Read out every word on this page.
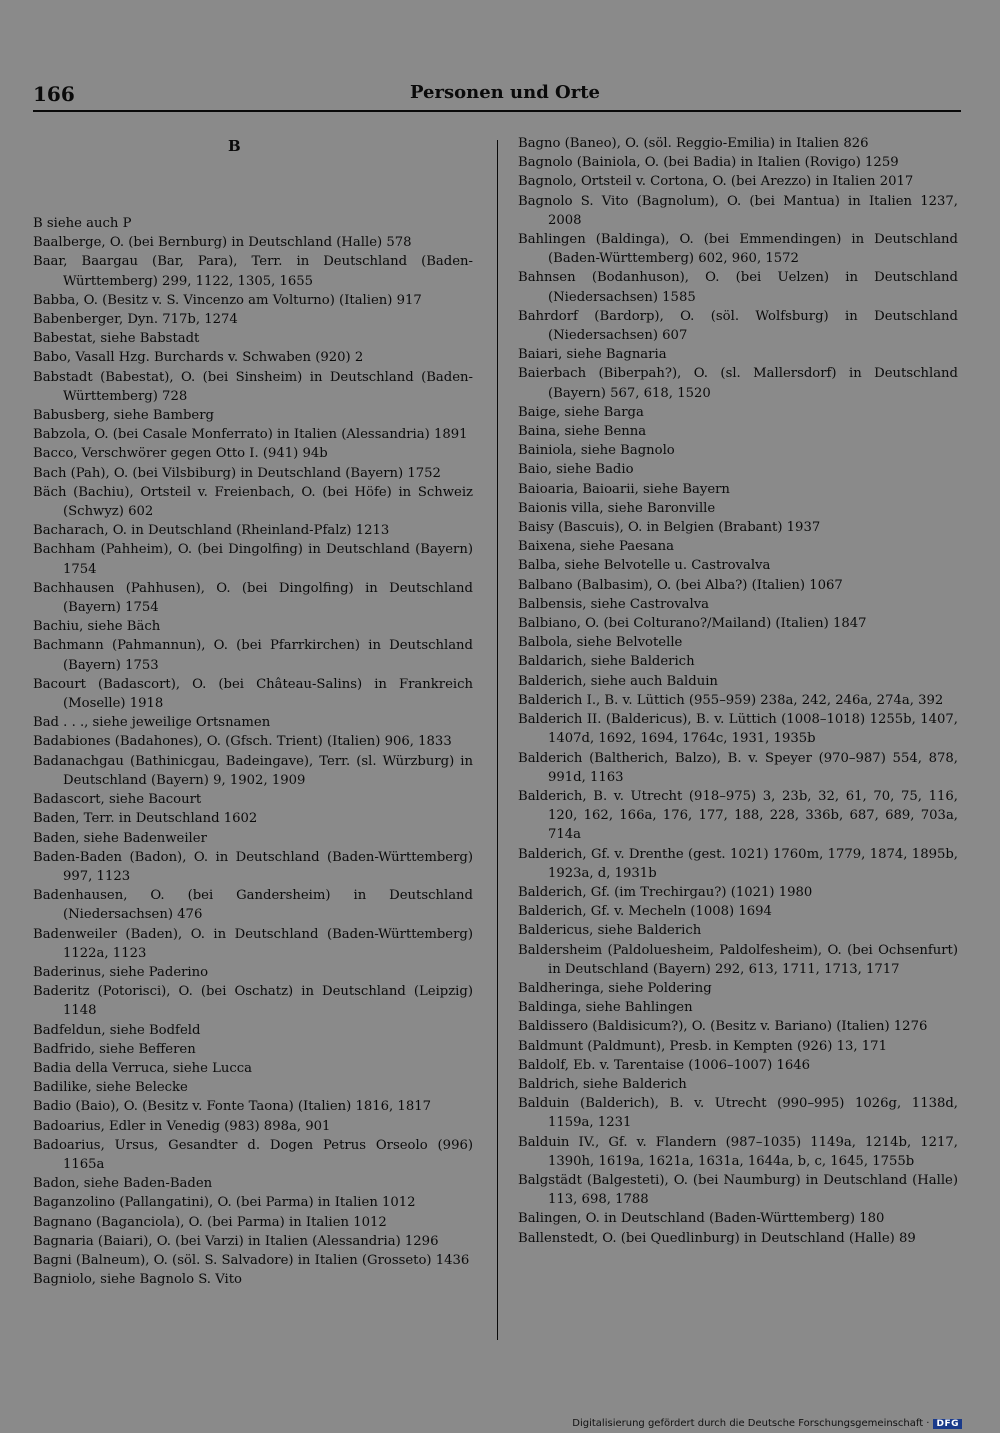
166	Personen und Orte
B
B siehe auch P
Baalberge, O. (bei Bernburg) in Deutschland (Halle) 578
Baar, Baargau (Bar, Para), Terr. in Deutschland (Baden-Württemberg) 299, 1122, 1305, 1655
Babba, O. (Besitz v. S. Vincenzo am Volturno) (Italien) 917
Babenberger, Dyn. 717b, 1274
Babestat, siehe Babstadt
Babo, Vasall Hzg. Burchards v. Schwaben (920) 2
Babstadt (Babestat), O. (bei Sinsheim) in Deutschland (Baden-Württemberg) 728
Babusberg, siehe Bamberg
Babzola, O. (bei Casale Monferrato) in Italien (Alessandria) 1891
Bacco, Verschwörer gegen Otto I. (941) 94b
Bach (Pah), O. (bei Vilsbiburg) in Deutschland (Bayern) 1752
Bäch (Bachiu), Ortsteil v. Freienbach, O. (bei Höfe) in Schweiz (Schwyz) 602
Bacharach, O. in Deutschland (Rheinland-Pfalz) 1213
Bachham (Pahheim), O. (bei Dingolfing) in Deutschland (Bayern) 1754
Bachhausen (Pahhusen), O. (bei Dingolfing) in Deutschland (Bayern) 1754
Bachiu, siehe Bäch
Bachmann (Pahmannun), O. (bei Pfarrkirchen) in Deutschland (Bayern) 1753
Bacourt (Badascort), O. (bei Château-Salins) in Frankreich (Moselle) 1918
Bad . . ., siehe jeweilige Ortsnamen
Badabiones (Badahones), O. (Gfsch. Trient) (Italien) 906, 1833
Badanachgau (Bathinicgau, Badeingave), Terr. (sl. Würzburg) in Deutschland (Bayern) 9, 1902, 1909
Badascort, siehe Bacourt
Baden, Terr. in Deutschland 1602
Baden, siehe Badenweiler
Baden-Baden (Badon), O. in Deutschland (Baden-Württemberg) 997, 1123
Badenhausen, O. (bei Gandersheim) in Deutschland (Niedersachsen) 476
Badenweiler (Baden), O. in Deutschland (Baden-Württemberg) 1122a, 1123
Baderinus, siehe Paderino
Baderitz (Potorisci), O. (bei Oschatz) in Deutschland (Leipzig) 1148
Badfeldun, siehe Bodfeld
Badfrido, siehe Befferen
Badia della Verruca, siehe Lucca
Badilike, siehe Belecke
Badio (Baio), O. (Besitz v. Fonte Taona) (Italien) 1816, 1817
Badoarius, Edler in Venedig (983) 898a, 901
Badoarius, Ursus, Gesandter d. Dogen Petrus Orseolo (996) 1165a
Badon, siehe Baden-Baden
Baganzolino (Pallangatini), O. (bei Parma) in Italien 1012
Bagnano (Baganciola), O. (bei Parma) in Italien 1012
Bagnaria (Baiari), O. (bei Varzi) in Italien (Alessandria) 1296
Bagni (Balneum), O. (söl. S. Salvadore) in Italien (Grosseto) 1436
Bagniolo, siehe Bagnolo S. Vito
Bagno (Baneo), O. (söl. Reggio-Emilia) in Italien 826
Bagnolo (Bainiola, O. (bei Badia) in Italien (Rovigo) 1259
Bagnolo, Ortsteil v. Cortona, O. (bei Arezzo) in Italien 2017
Bagnolo S. Vito (Bagnolum), O. (bei Mantua) in Italien 1237, 2008
Bahlingen (Baldinga), O. (bei Emmendingen) in Deutschland (Baden-Württemberg) 602, 960, 1572
Bahnsen (Bodanhuson), O. (bei Uelzen) in Deutschland (Niedersachsen) 1585
Bahrdorf (Bardorp), O. (söl. Wolfsburg) in Deutschland (Niedersachsen) 607
Baiari, siehe Bagnaria
Baierbach (Biberpah?), O. (sl. Mallersdorf) in Deutschland (Bayern) 567, 618, 1520
Baige, siehe Barga
Baina, siehe Benna
Bainiola, siehe Bagnolo
Baio, siehe Badio
Baioaria, Baioarii, siehe Bayern
Baionis villa, siehe Baronville
Baisy (Bascuis), O. in Belgien (Brabant) 1937
Baixena, siehe Paesana
Balba, siehe Belvotelle u. Castrovalva
Balbano (Balbasim), O. (bei Alba?) (Italien) 1067
Balbensis, siehe Castrovalva
Balbiano, O. (bei Colturano?/Mailand) (Italien) 1847
Balbola, siehe Belvotelle
Baldarich, siehe Balderich
Balderich, siehe auch Balduin
Balderich I., B. v. Lüttich (955–959) 238a, 242, 246a, 274a, 392
Balderich II. (Baldericus), B. v. Lüttich (1008–1018) 1255b, 1407, 1407d, 1692, 1694, 1764c, 1931, 1935b
Balderich (Baltherich, Balzo), B. v. Speyer (970–987) 554, 878, 991d, 1163
Balderich, B. v. Utrecht (918–975) 3, 23b, 32, 61, 70, 75, 116, 120, 162, 166a, 176, 177, 188, 228, 336b, 687, 689, 703a, 714a
Balderich, Gf. v. Drenthe (gest. 1021) 1760m, 1779, 1874, 1895b, 1923a, d, 1931b
Balderich, Gf. (im Trechirgau?) (1021) 1980
Balderich, Gf. v. Mecheln (1008) 1694
Baldericus, siehe Balderich
Baldersheim (Paldoluesheim, Paldolfesheim), O. (bei Ochsenfurt) in Deutschland (Bayern) 292, 613, 1711, 1713, 1717
Baldheringa, siehe Poldering
Baldinga, siehe Bahlingen
Baldissero (Baldisicum?), O. (Besitz v. Bariano) (Italien) 1276
Baldmunt (Paldmunt), Presb. in Kempten (926) 13, 171
Baldolf, Eb. v. Tarentaise (1006–1007) 1646
Baldrich, siehe Balderich
Balduin (Balderich), B. v. Utrecht (990–995) 1026g, 1138d, 1159a, 1231
Balduin IV., Gf. v. Flandern (987–1035) 1149a, 1214b, 1217, 1390h, 1619a, 1621a, 1631a, 1644a, b, c, 1645, 1755b
Balgstädt (Balgesteti), O. (bei Naumburg) in Deutschland (Halle) 113, 698, 1788
Balingen, O. in Deutschland (Baden-Württemberg) 180
Ballenstedt, O. (bei Quedlinburg) in Deutschland (Halle) 89
Digitalisierung gefördert durch die Deutsche Forschungsgemeinschaft · DFG
